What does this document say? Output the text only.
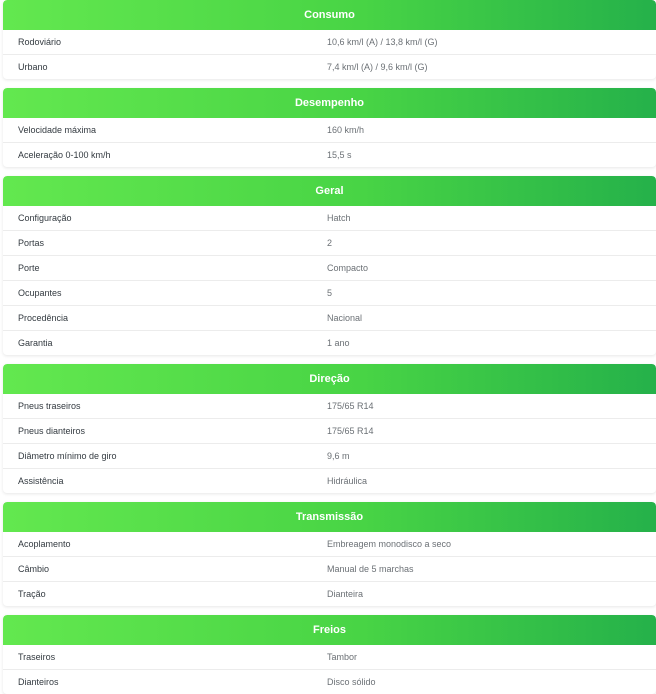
Consumo
Rodoviário	10,6 km/l (A) / 13,8 km/l (G)
Urbano	7,4 km/l (A) / 9,6 km/l (G)
Desempenho
Velocidade máxima	160 km/h
Aceleração 0-100 km/h	15,5 s
Geral
Configuração	Hatch
Portas	2
Porte	Compacto
Ocupantes	5
Procedência	Nacional
Garantia	1 ano
Direção
Pneus traseiros	175/65 R14
Pneus dianteiros	175/65 R14
Diâmetro mínimo de giro	9,6 m
Assistência	Hidráulica
Transmissão
Acoplamento	Embreagem monodisco a seco
Câmbio	Manual de 5 marchas
Tração	Dianteira
Freios
Traseiros	Tambor
Dianteiros	Disco sólido
